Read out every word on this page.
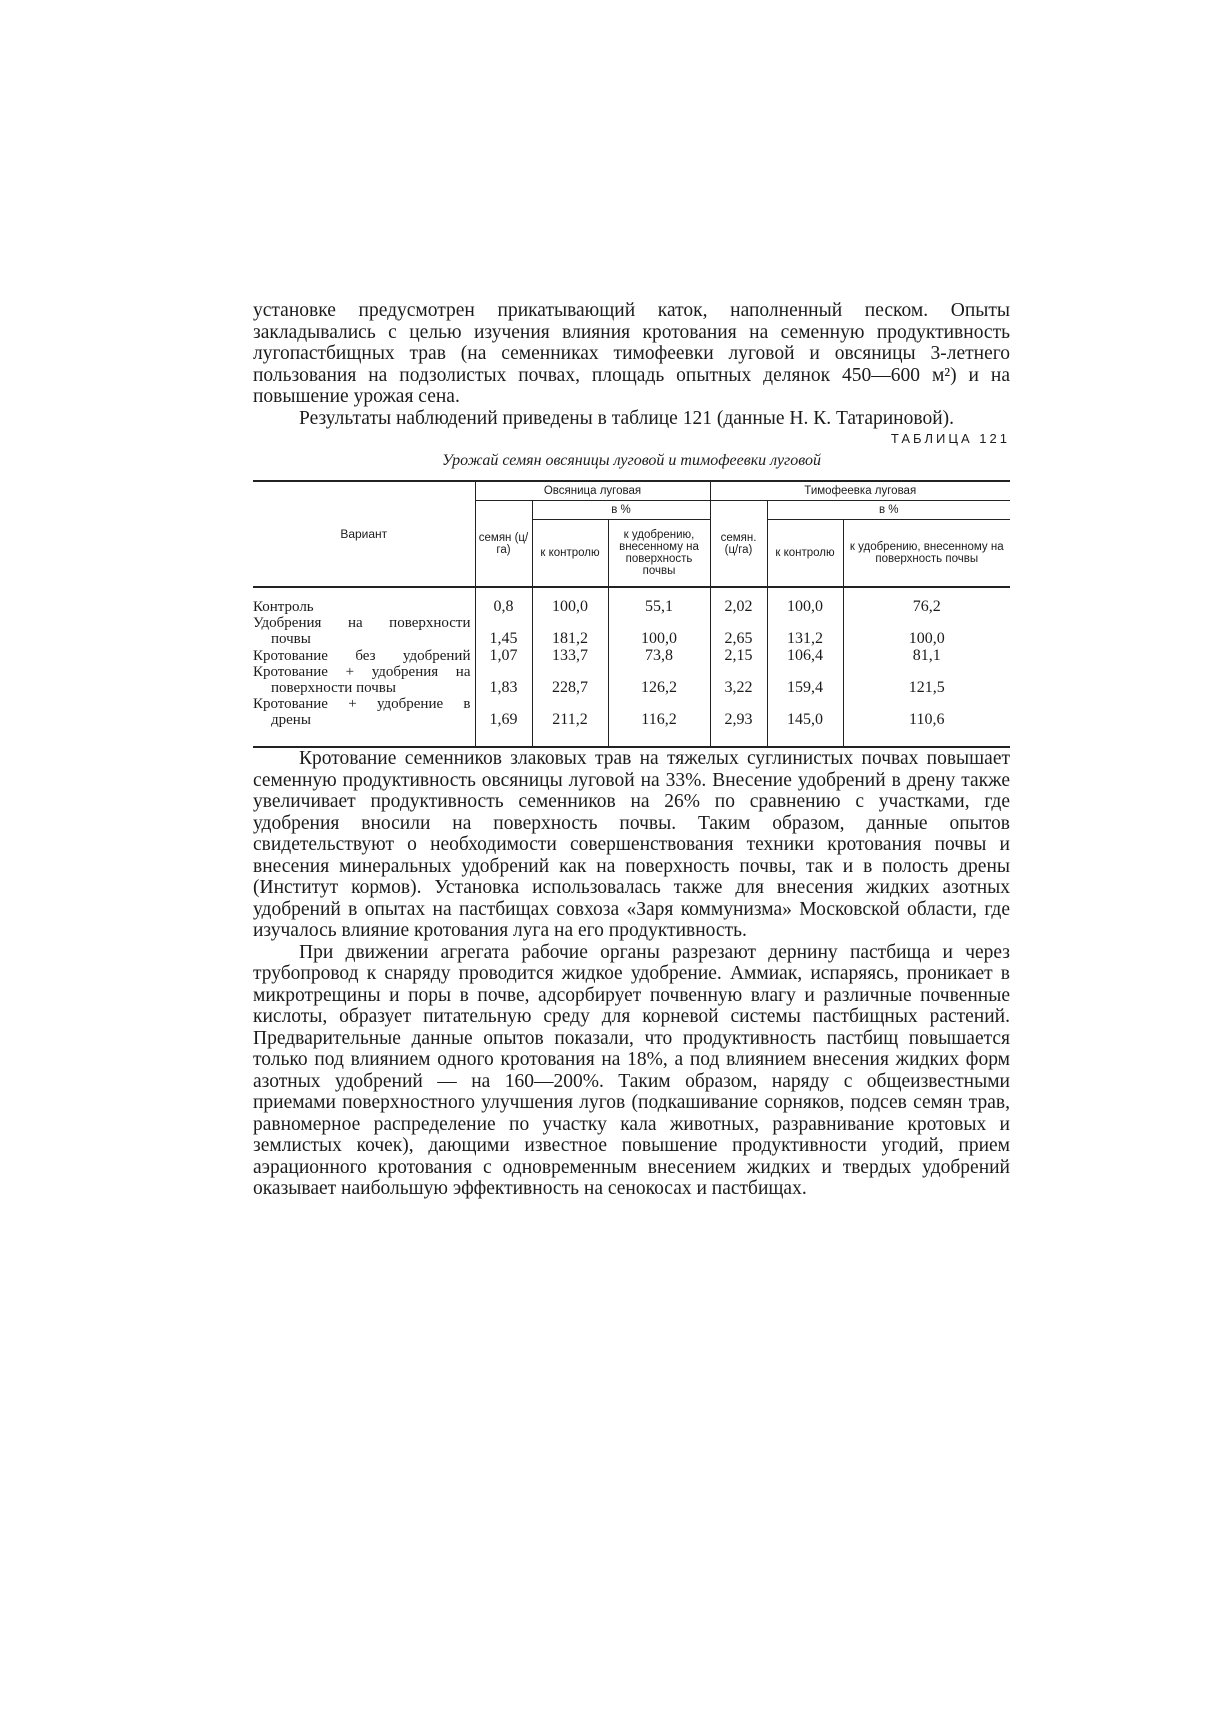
установке предусмотрен прикатывающий каток, наполненный песком. Опыты закладывались с целью изучения влияния кротования на семенную продуктивность лугопастбищных трав (на семенниках тимофеевки луговой и овсяницы 3-летнего пользования на подзолистых почвах, площадь опытных делянок 450—600 м²) и на повышение урожая сена.

Результаты наблюдений приведены в таблице 121 (данные Н. К. Татариновой).

ТАБЛИЦА 121
Урожай семян овсяницы луговой и тимофеевки луговой
Вариант	Овсяница луговая			Тимофеевка луговая		
	семян (ц/га)	в %		семян. (ц/га)	в %	
		к контролю	к удобрению, внесенному на поверхность почвы		к контролю	к удобрению, внесенному на поверхность почвы

Контроль	0,8	100,0	55,1	2,02	100,0	76,2

Удобрения на поверхности
почвы	1,45	181,2	100,0	2,65	131,2	100,0

Кротование без удобрений	1,07	133,7	73,8	2,15	106,4	81,1

Кротование + удобрения на
поверхности почвы	1,83	228,7	126,2	3,22	159,4	121,5

Кротование + удобрение в
дрены	1,69	211,2	116,2	2,93	145,0	110,6

Кротование семенников злаковых трав на тяжелых суглинистых почвах повышает семенную продуктивность овсяницы луговой на 33%. Внесение удобрений в дрену также увеличивает продуктивность семенников на 26% по сравнению с участками, где удобрения вносили на поверхность почвы. Таким образом, данные опытов свидетельствуют о необходимости совершенствования техники кротования почвы и внесения минеральных удобрений как на поверхность почвы, так и в полость дрены (Институт кормов). Установка использовалась также для внесения жидких азотных удобрений в опытах на пастбищах совхоза «Заря коммунизма» Московской области, где изучалось влияние кротования луга на его продуктивность.

При движении агрегата рабочие органы разрезают дернину пастбища и через трубопровод к снаряду проводится жидкое удобрение. Аммиак, испаряясь, проникает в микротрещины и поры в почве, адсорбирует почвенную влагу и различные почвенные кислоты, образует питательную среду для корневой системы пастбищных растений. Предварительные данные опытов показали, что продуктивность пастбищ повышается только под влиянием одного кротования на 18%, а под влиянием внесения жидких форм азотных удобрений — на 160—200%. Таким образом, наряду с общеизвестными приемами поверхностного улучшения лугов (подкашивание сорняков, подсев семян трав, равномерное распределение по участку кала животных, разравнивание кротовых и землистых кочек), дающими известное повышение продуктивности угодий, прием аэрационного кротования с одновременным внесением жидких и твердых удобрений оказывает наибольшую эффективность на сенокосах и пастбищах.
